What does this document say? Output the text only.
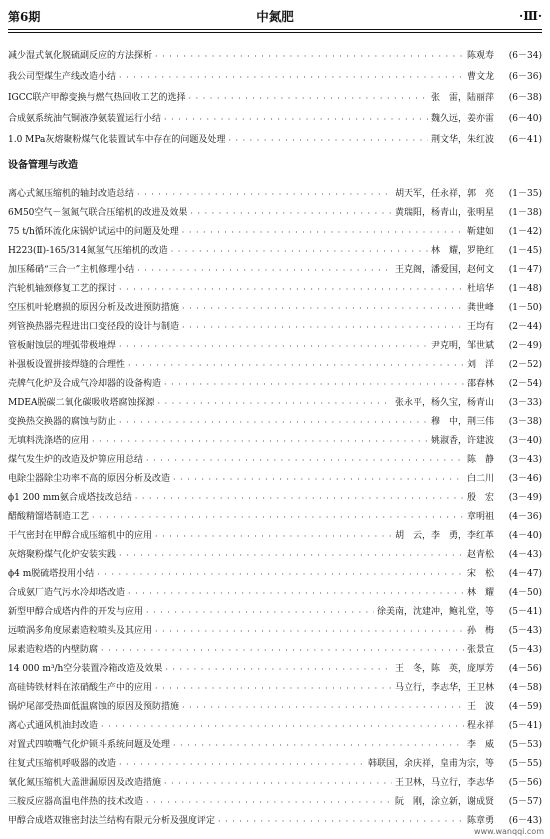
第6期	中氮肥	·Ⅲ·
减少湿式氧化脱硫副反应的方法探析 · · ·	陈观寿	(6－34)
我公司型煤生产线改造小结 · · ·	曹文龙	(6－36)
IGCC联产甲醇变换与燃气热回收工艺的选择 · · ·	张　雷，陆丽萍	(6－38)
合成氨系统油气铜液净氨装置运行小结 · · ·	魏久远，姜亦雷	(6－40)
1.0 MPa灰熔聚粉煤气化装置试车中存在的问题及处理 · · ·	荆文华，朱红波	(6－41)
设备管理与改造
离心式氮压缩机的轴封改造总结 · · ·	胡天军，任永祥，郭　亮	(1－35)
6M50空气－氢氮气联合压缩机的改进及效果 · · ·	黄瑞阳，杨青山，张明星	(1－38)
75 t/h循环流化床锅炉试运中的问题及处理 · · ·	靳建如	(1－42)
H223(Ⅱ)-165/314氮氢气压缩机的改造 · · ·	林　耀，罗艳红	(1－45)
加压稀硝“三合一”主机修理小结 · · ·	王克阁，潘爱国，赵何文	(1－47)
汽轮机轴颈修复工艺的探讨 · · ·	杜培华	(1－48)
空压机叶轮磨损的原因分析及改进预防措施 · · ·	龚世峰	(1－50)
列管换热器壳程进出口变径段的设计与制造 · · ·	王均有	(2－44)
管板耐蚀层的埋弧带极堆焊 · · ·	尹克明，邹世斌	(2－49)
补强板设置拼接焊缝的合理性 · · ·	刘　洋	(2－52)
壳牌气化炉及合成气冷却器的设备构造 · · ·	邵春林	(2－54)
MDEA脱碳二氧化碳吸收塔腐蚀探源 · · ·	张永平，杨久宝，杨青山	(3－33)
变换热交换器的腐蚀与防止 · · ·	穆　中，荆三伟	(3－38)
无填料洗涤塔的应用 · · ·	姚淑香，许建波	(3－40)
煤气发生炉的改造及炉箅应用总结 · · ·	陈　静	(3－43)
电除尘器除尘功率不高的原因分析及改造 · · ·	白二川	(3－46)
ϕ1 200 mm氨合成塔技改总结 · · ·	殷　宏	(3－49)
醋酸精馏塔制造工艺 · · ·	章明祖	(4－36)
干气密封在甲醇合成压缩机中的应用 · · ·	胡　云，李　勇，李红革	(4－40)
灰熔聚粉煤气化炉安装实践 · · ·	赵青松	(4－43)
ϕ4 m脱硫塔投用小结 · · ·	宋　松	(4－47)
合成氨厂造气污水冷却塔改造 · · ·	林　耀	(4－50)
新型甲醇合成塔内件的开发与应用 · · ·	徐美南，沈建冲，鲍礼堂，等	(5－41)
远喷涡多角度尿素造粒喷头及其应用 · · ·	孙　梅	(5－43)
尿素造粒塔的内壁防腐 · · ·	张景宣	(5－43)
14 000 m³/h空分装置冷箱改造及效果 · · ·	王　冬，陈　英，庞厚芳	(4－56)
高硅铸铁材料在浓硝酸生产中的应用 · · ·	马立行，李志华，王卫林	(4－58)
锅炉尾部受热面低温腐蚀的原因及预防措施 · · ·	王　波	(4－59)
离心式通风机油封改造 · · ·	程永祥	(5－41)
对置式四喷嘴气化炉锁斗系统问题及处理 · · ·	李　威	(5－53)
往复式压缩机呼吸器的改造 · · ·	韩联国，余庆祥，皇甫为宗，等	(5－55)
氧化氮压缩机大盖泄漏原因及改造措施 · · ·	王卫林，马立行，李志华	(5－56)
三胺反应器高温电伴热的技术改造 · · ·	阮　刚，涂立新，谢成贤	(5－57)
甲醇合成塔双锥密封法兰结构有限元分析及强度评定 · · ·	陈章勇	(6－43)
www.wanqqi.com
